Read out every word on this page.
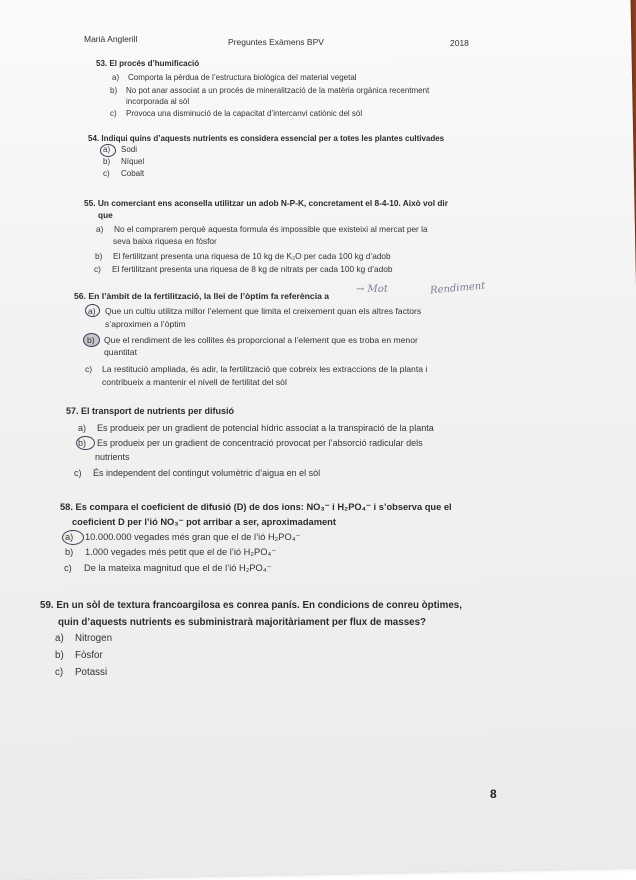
Marià Anglerill	Preguntes Exàmens BPV	2018
53. El procés d’humificació
a) Comporta la pèrdua de l’estructura biològica del material vegetal
b) No pot anar associat a un procés de mineralització de la matèria orgànica recentment
incorporada al sòl
c) Provoca una disminució de la capacitat d’intercanvi catiònic del sòl
54. Indiqui quins d’aquests nutrients es considera essencial per a totes les plantes cultivades
a) Sodi
b) Níquel
c) Cobalt
55. Un comerciant ens aconsella utilitzar un adob N-P-K, concretament el 8-4-10. Això vol dir
que
a) No el comprarem perquè aquesta formula és impossible que existeixi al mercat per la
seva baixa riquesa en fòsfor
b) El fertilitzant presenta una riquesa de 10 kg de K₂O per cada 100 kg d’adob
c) El fertilitzant presenta una riquesa de 8 kg de nitrats per cada 100 kg d’adob
56. En l’àmbit de la fertilització, la llei de l’òptim fa referència a
→ Mot	Rendiment
a) Que un cultiu utilitza millor l’element que limita el creixement quan els altres factors
s’aproximen a l’òptim
b) Que el rendiment de les collites és proporcional a l’element que es troba en menor
quantitat
c) La restitució ampliada, és adir, la fertilització que cobreix les extraccions de la planta i
contribueix a mantenir el nivell de fertilitat del sòl
57. El transport de nutrients per difusió
a) Es produeix per un gradient de potencial hídric associat a la transpiració de la planta
b) Es produeix per un gradient de concentració provocat per l’absorció radicular dels
nutrients
c) És independent del contingut volumètric d’aigua en el sòl
58. Es compara el coeficient de difusió (D) de dos ions: NO₃⁻ i H₂PO₄⁻ i s’observa que el
coeficient D per l’ió NO₃⁻ pot arribar a ser, aproximadament
a) 10.000.000 vegades més gran que el de l’ió H₂PO₄⁻
b) 1.000 vegades més petit que el de l’ió H₂PO₄⁻
c) De la mateixa magnitud que el de l’ió H₂PO₄⁻
59. En un sòl de textura francoargilosa es conrea panís. En condicions de conreu òptimes,
quin d’aquests nutrients es subministrarà majoritàriament per flux de masses?
a) Nitrogen
b) Fòsfor
c) Potassi
8
